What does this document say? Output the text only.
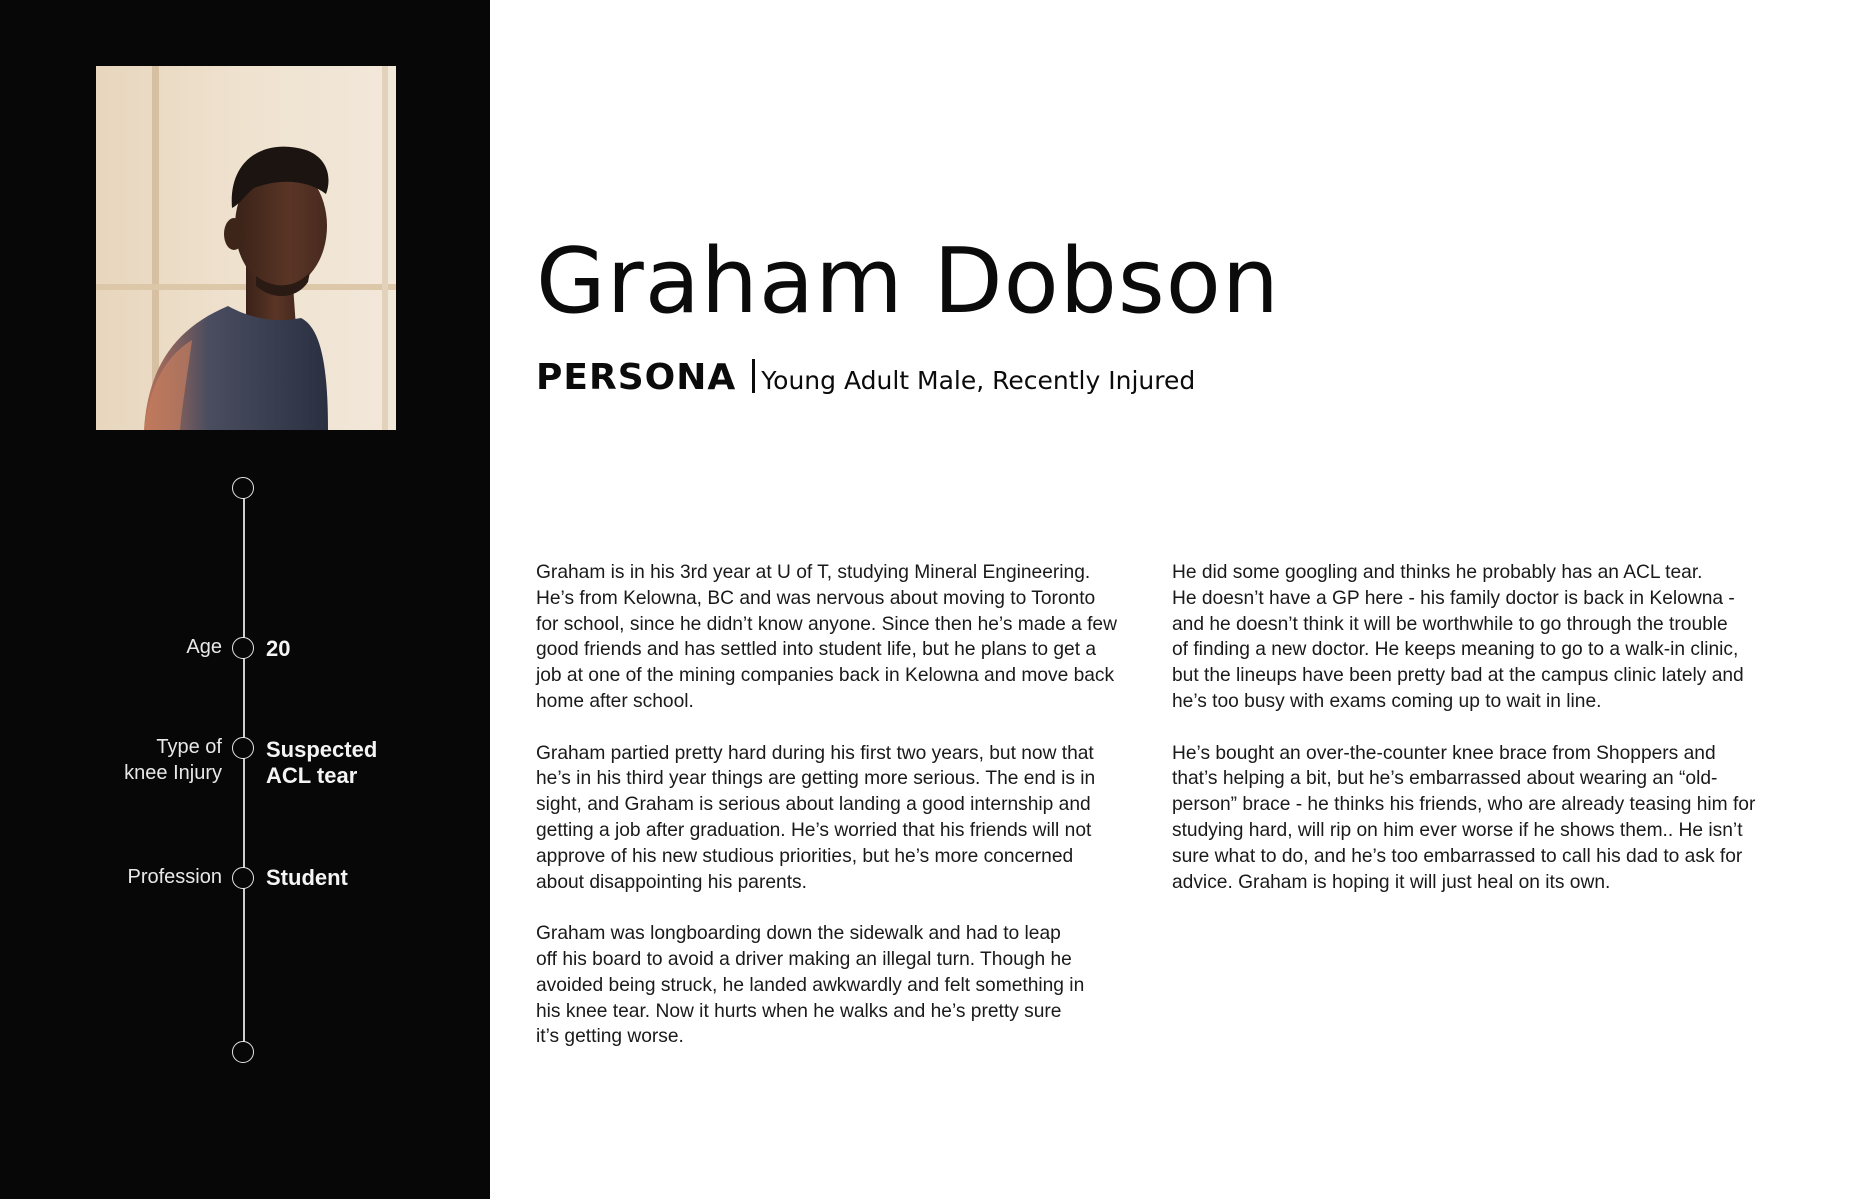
Age 20
Type of
knee Injury
Suspected
ACL tear
Profession Student
Graham Dobson
PERSONA Young Adult Male, Recently Injured

Graham is in his 3rd year at U of T, studying Mineral Engineering.
He’s from Kelowna, BC and was nervous about moving to Toronto
for school, since he didn’t know anyone. Since then he’s made a few
good friends and has settled into student life, but he plans to get a
job at one of the mining companies back in Kelowna and move back
home after school.

Graham partied pretty hard during his first two years, but now that
he’s in his third year things are getting more serious. The end is in
sight, and Graham is serious about landing a good internship and
getting a job after graduation. He’s worried that his friends will not
approve of his new studious priorities, but he’s more concerned
about disappointing his parents.

Graham was longboarding down the sidewalk and had to leap
off his board to avoid a driver making an illegal turn. Though he
avoided being struck, he landed awkwardly and felt something in
his knee tear. Now it hurts when he walks and he’s pretty sure
it’s getting worse.

He did some googling and thinks he probably has an ACL tear.
He doesn’t have a GP here - his family doctor is back in Kelowna -
and he doesn’t think it will be worthwhile to go through the trouble
of finding a new doctor. He keeps meaning to go to a walk-in clinic,
but the lineups have been pretty bad at the campus clinic lately and
he’s too busy with exams coming up to wait in line.

He’s bought an over-the-counter knee brace from Shoppers and
that’s helping a bit, but he’s embarrassed about wearing an “old-
person” brace - he thinks his friends, who are already teasing him for
studying hard, will rip on him ever worse if he shows them.. He isn’t
sure what to do, and he’s too embarrassed to call his dad to ask for
advice. Graham is hoping it will just heal on its own.
